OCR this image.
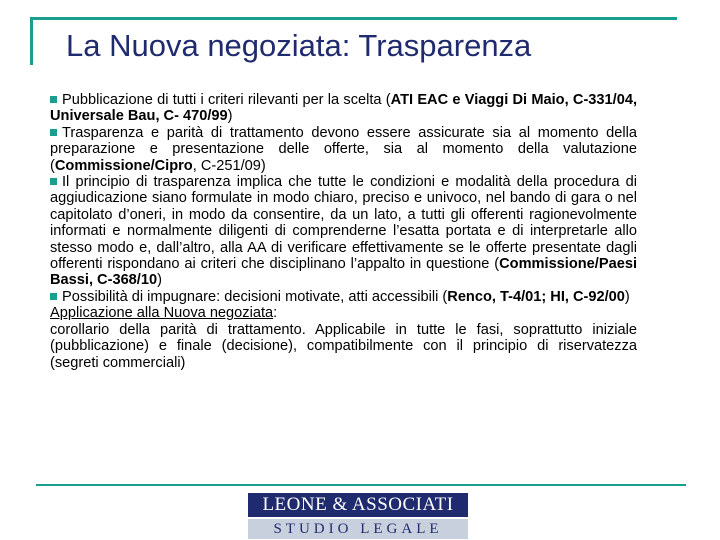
La Nuova negoziata: Trasparenza

Pubblicazione di tutti i criteri rilevanti per la scelta (ATI EAC e Viaggi Di Maio, C-331/04, Universale Bau, C- 470/99)

Trasparenza e parità di trattamento devono essere assicurate sia al momento della preparazione e presentazione delle offerte, sia al momento della valutazione (Commissione/Cipro, C-251/09)

Il principio di trasparenza implica che tutte le condizioni e modalità della procedura di aggiudicazione siano formulate in modo chiaro, preciso e univoco, nel bando di gara o nel capitolato d’oneri, in modo da consentire, da un lato, a tutti gli offerenti ragionevolmente informati e normalmente diligenti di comprenderne l’esatta portata e di interpretarle allo stesso modo e, dall’altro, alla AA di verificare effettivamente se le offerte presentate dagli offerenti rispondano ai criteri che disciplinano l’appalto in questione (Commissione/Paesi Bassi, C-368/10)

Possibilità di impugnare: decisioni motivate, atti accessibili (Renco, T-4/01; HI, C-92/00)

Applicazione alla Nuova negoziata:

corollario della parità di trattamento. Applicabile in tutte le fasi, soprattutto iniziale (pubblicazione) e finale (decisione), compatibilmente con il principio di riservatezza (segreti commerciali)

LEONE & ASSOCIATI
STUDIO LEGALE
